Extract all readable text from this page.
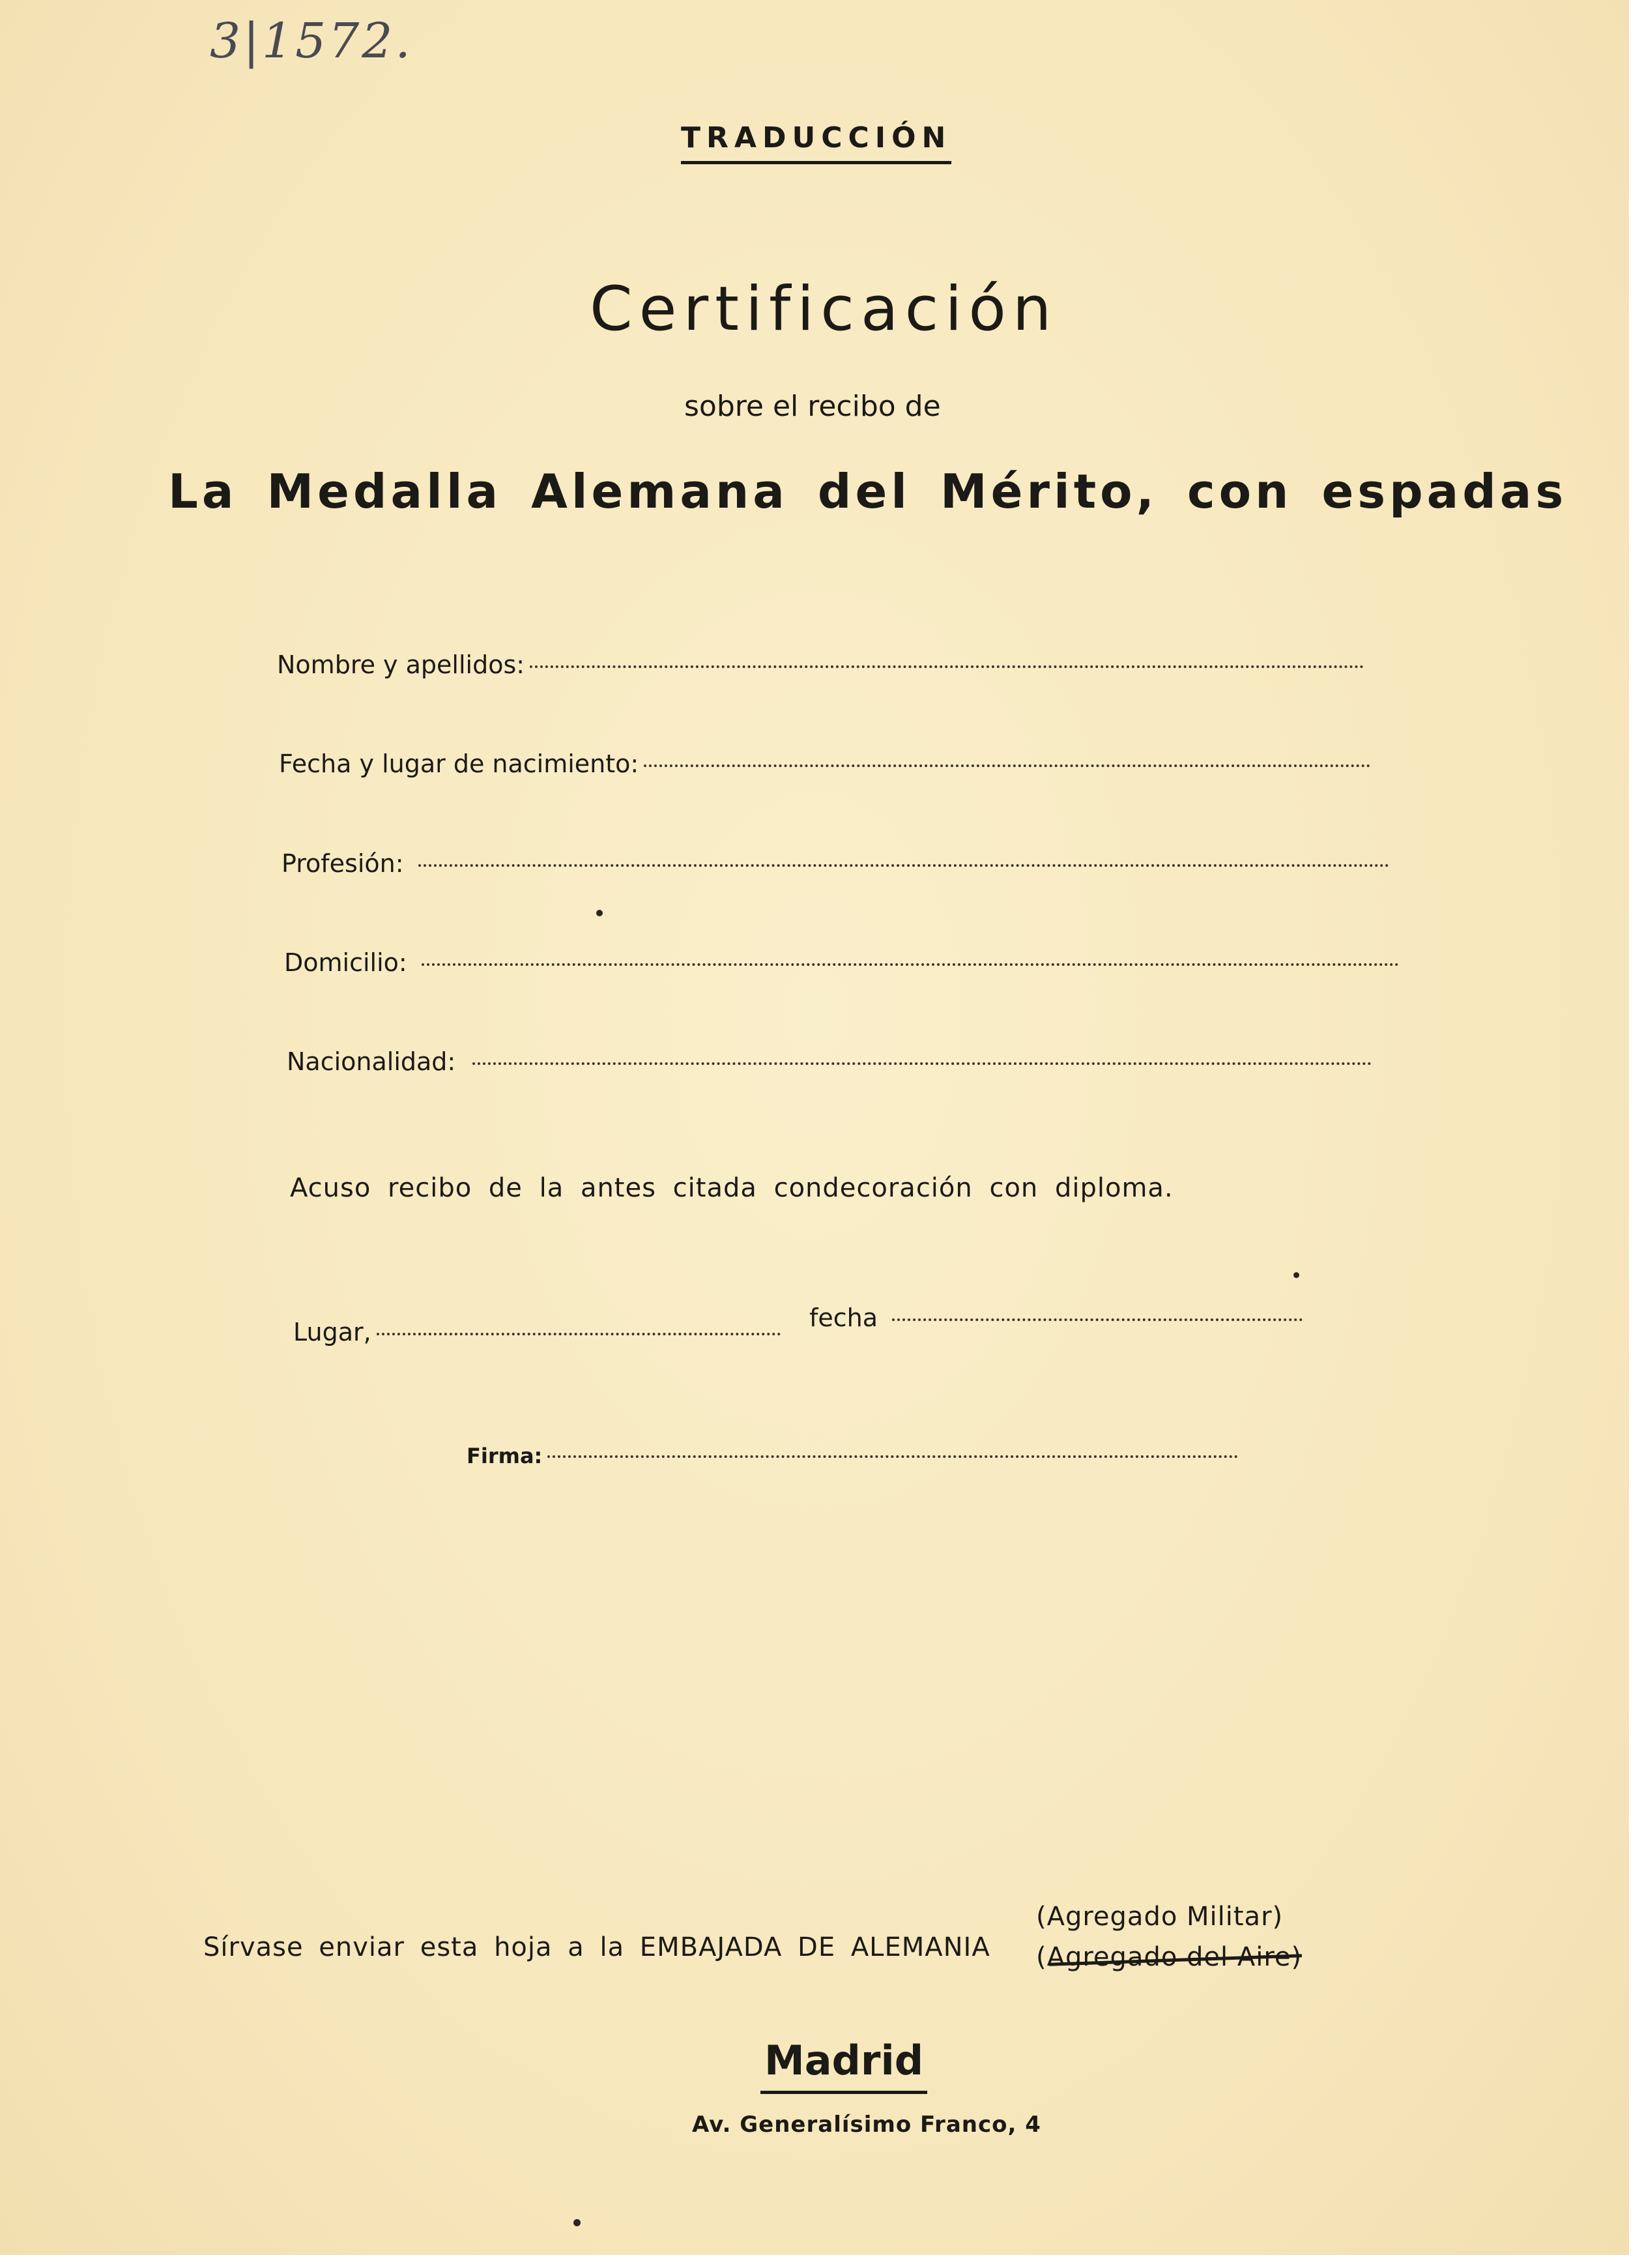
3|1572.
TRADUCCIÓN
Certificación
sobre el recibo de
La Medalla Alemana del Mérito, con espadas
Nombre y apellidos:
Fecha y lugar de nacimiento:
Profesión:
Domicilio:
Nacionalidad:
Acuso recibo de la antes citada condecoración con diploma.
Lugar,	fecha
Firma:
Sírvase enviar esta hoja a la EMBAJADA DE ALEMANIA
(Agregado Militar)
(Agregado del Aire)
Madrid
Av. Generalísimo Franco, 4
